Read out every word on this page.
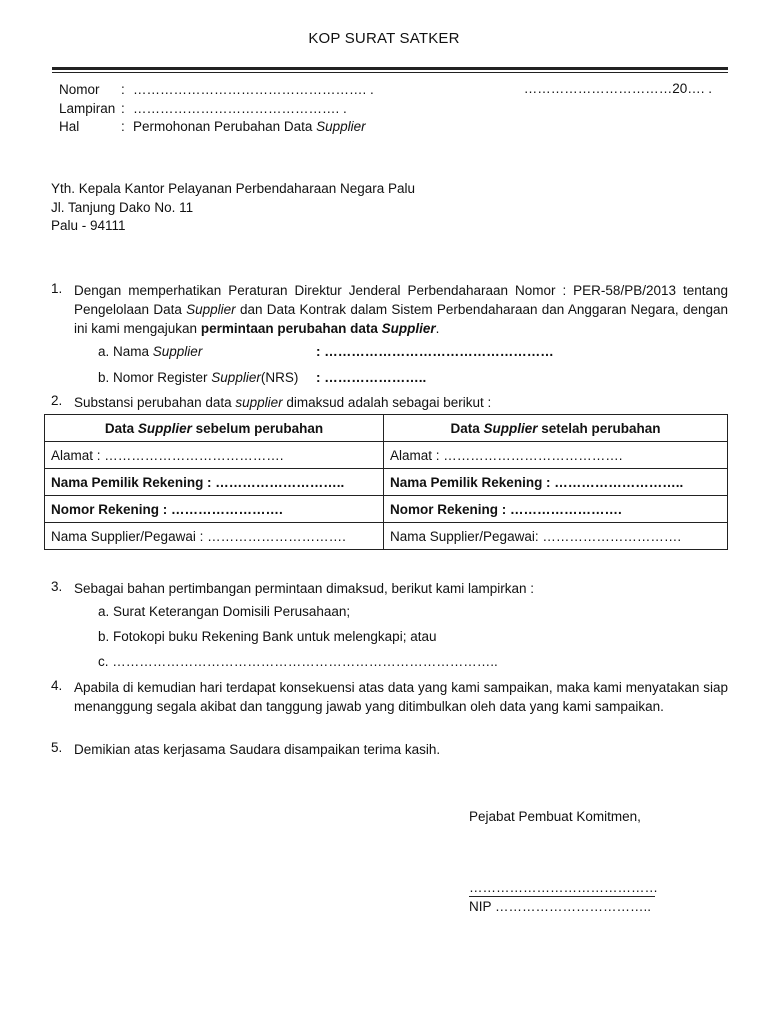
KOP SURAT SATKER
Nomor : ……………………………………………. .
Lampiran : ………………………………………. .
Hal	: Permohonan Perubahan Data Supplier
……………………………20…. .
Yth. Kepala Kantor Pelayanan Perbendaharaan Negara Palu
Jl. Tanjung Dako No. 11
Palu - 94111
1. Dengan memperhatikan Peraturan Direktur Jenderal Perbendaharaan Nomor : PER-58/PB/2013 tentang Pengelolaan Data Supplier dan Data Kontrak dalam Sistem Perbendaharaan dan Anggaran Negara, dengan ini kami mengajukan permintaan perubahan data Supplier.
a. Nama Supplier	: ……………………………………………
b. Nomor Register Supplier(NRS) : …………………..
2. Substansi perubahan data supplier dimaksud adalah sebagai berikut :
Data Supplier sebelum perubahan	Data Supplier setelah perubahan
Alamat : ………………………………….	Alamat : ………………………………….
Nama Pemilik Rekening : ………………………..	Nama Pemilik Rekening : ………………………..
Nomor Rekening : …………………….	Nomor Rekening : …………………….
Nama Supplier/Pegawai : ………………………….	Nama Supplier/Pegawai: ………………………….
3. Sebagai bahan pertimbangan permintaan dimaksud, berikut kami lampirkan :
a. Surat Keterangan Domisili Perusahaan;
b. Fotokopi buku Rekening Bank untuk melengkapi; atau
c. …………………………………………………………………………..
4. Apabila di kemudian hari terdapat konsekuensi atas data yang kami sampaikan, maka kami menyatakan siap menanggung segala akibat dan tanggung jawab yang ditimbulkan oleh data yang kami sampaikan.
5. Demikian atas kerjasama Saudara disampaikan terima kasih.
Pejabat Pembuat Komitmen,
……………………………………
NIP ……………………………..
